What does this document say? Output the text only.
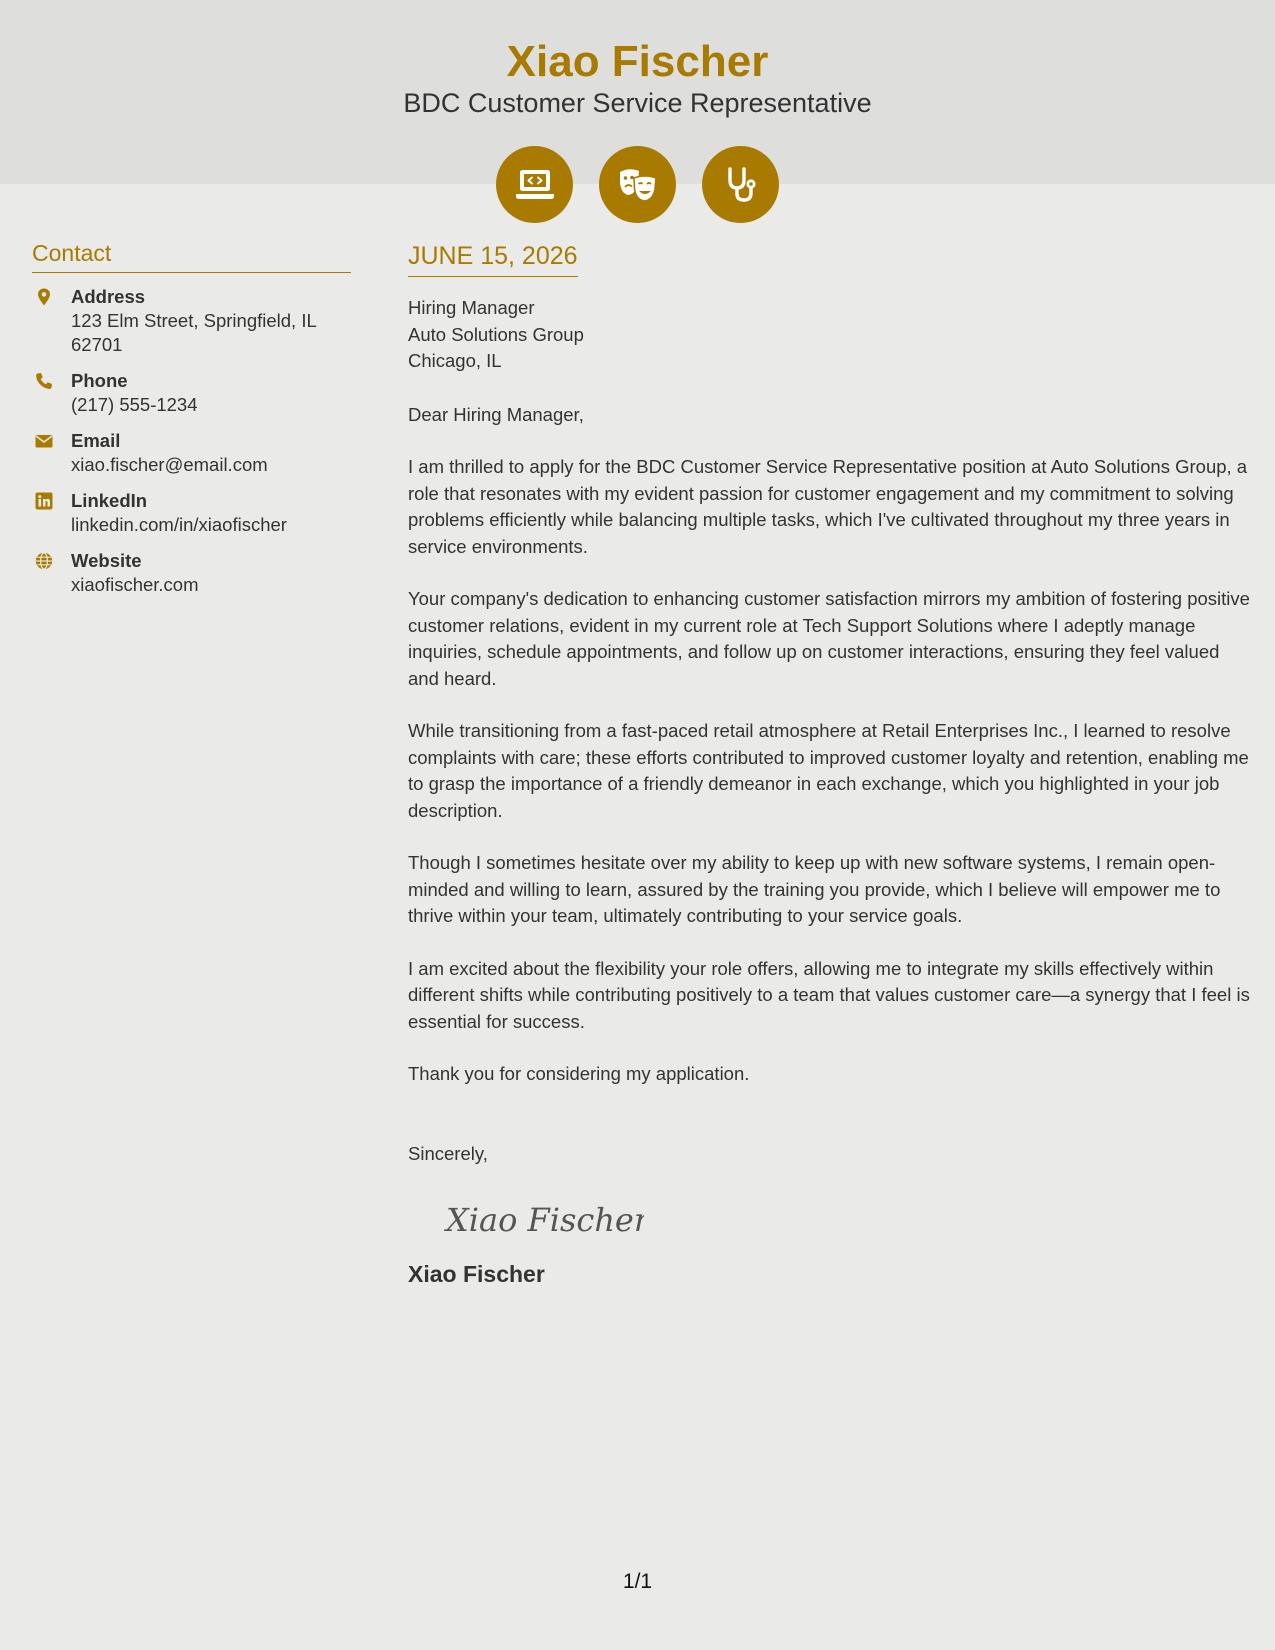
Xiao Fischer
BDC Customer Service Representative
Contact
Address
123 Elm Street, Springfield, IL 62701
Phone
(217) 555-1234
Email
xiao.fischer@email.com
LinkedIn
linkedin.com/in/xiaofischer
Website
xiaofischer.com
JUNE 15, 2026
Hiring Manager
Auto Solutions Group
Chicago, IL
Dear Hiring Manager,
I am thrilled to apply for the BDC Customer Service Representative position at Auto Solutions Group, a role that resonates with my evident passion for customer engagement and my commitment to solving problems efficiently while balancing multiple tasks, which I've cultivated throughout my three years in service environments.
Your company's dedication to enhancing customer satisfaction mirrors my ambition of fostering positive customer relations, evident in my current role at Tech Support Solutions where I adeptly manage inquiries, schedule appointments, and follow up on customer interactions, ensuring they feel valued and heard.
While transitioning from a fast-paced retail atmosphere at Retail Enterprises Inc., I learned to resolve complaints with care; these efforts contributed to improved customer loyalty and retention, enabling me to grasp the importance of a friendly demeanor in each exchange, which you highlighted in your job description.
Though I sometimes hesitate over my ability to keep up with new software systems, I remain open-minded and willing to learn, assured by the training you provide, which I believe will empower me to thrive within your team, ultimately contributing to your service goals.
I am excited about the flexibility your role offers, allowing me to integrate my skills effectively within different shifts while contributing positively to a team that values customer care—a synergy that I feel is essential for success.
Thank you for considering my application.
Sincerely,
Xiao Fischer
Xiao Fischer
1/1
